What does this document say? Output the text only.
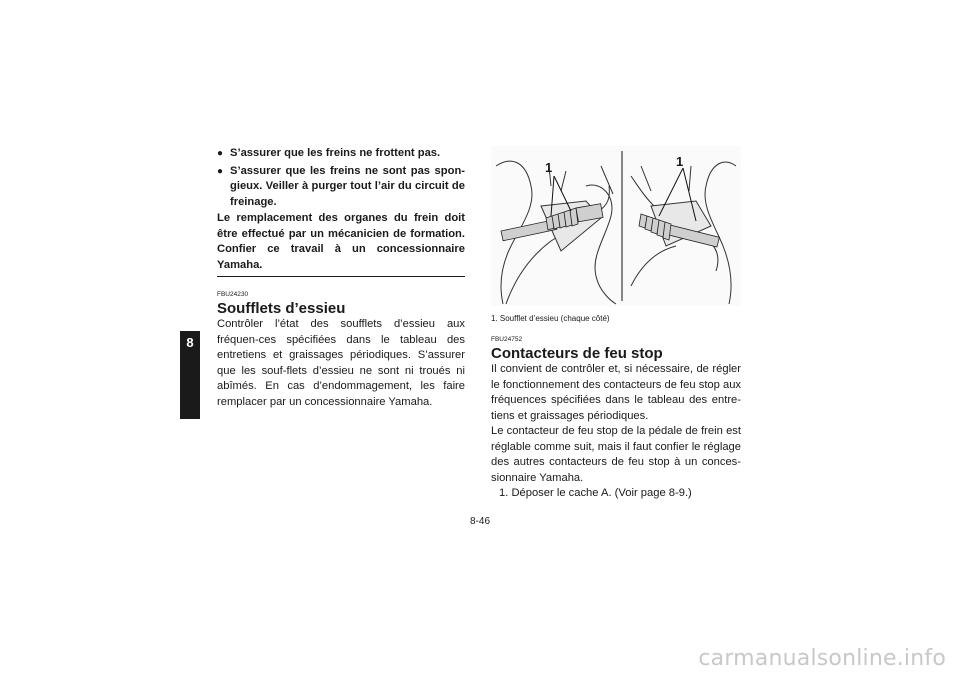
8
● S’assurer que les freins ne frottent pas.
● S’assurer que les freins ne sont pas spon-gieux. Veiller à purger tout l’air du circuit de freinage.
Le remplacement des organes du frein doit être effectué par un mécanicien de formation. Confier ce travail à un concessionnaire Yamaha.
FBU24230
Soufflets d’essieu
Contrôler l’état des soufflets d’essieu aux fréquen-ces spécifiées dans le tableau des entretiens et graissages périodiques. S’assurer que les souf-flets d’essieu ne sont ni troués ni abîmés. En cas d’endommagement, les faire remplacer par un concessionnaire Yamaha.
1	1
1. Soufflet d’essieu (chaque côté)
FBU24752
Contacteurs de feu stop
Il convient de contrôler et, si nécessaire, de régler le fonctionnement des contacteurs de feu stop aux fréquences spécifiées dans le tableau des entre-tiens et graissages périodiques.
Le contacteur de feu stop de la pédale de frein est réglable comme suit, mais il faut confier le réglage des autres contacteurs de feu stop à un conces-sionnaire Yamaha.
1. Déposer le cache A. (Voir page 8-9.)
8-46
carmanualsonline.info
